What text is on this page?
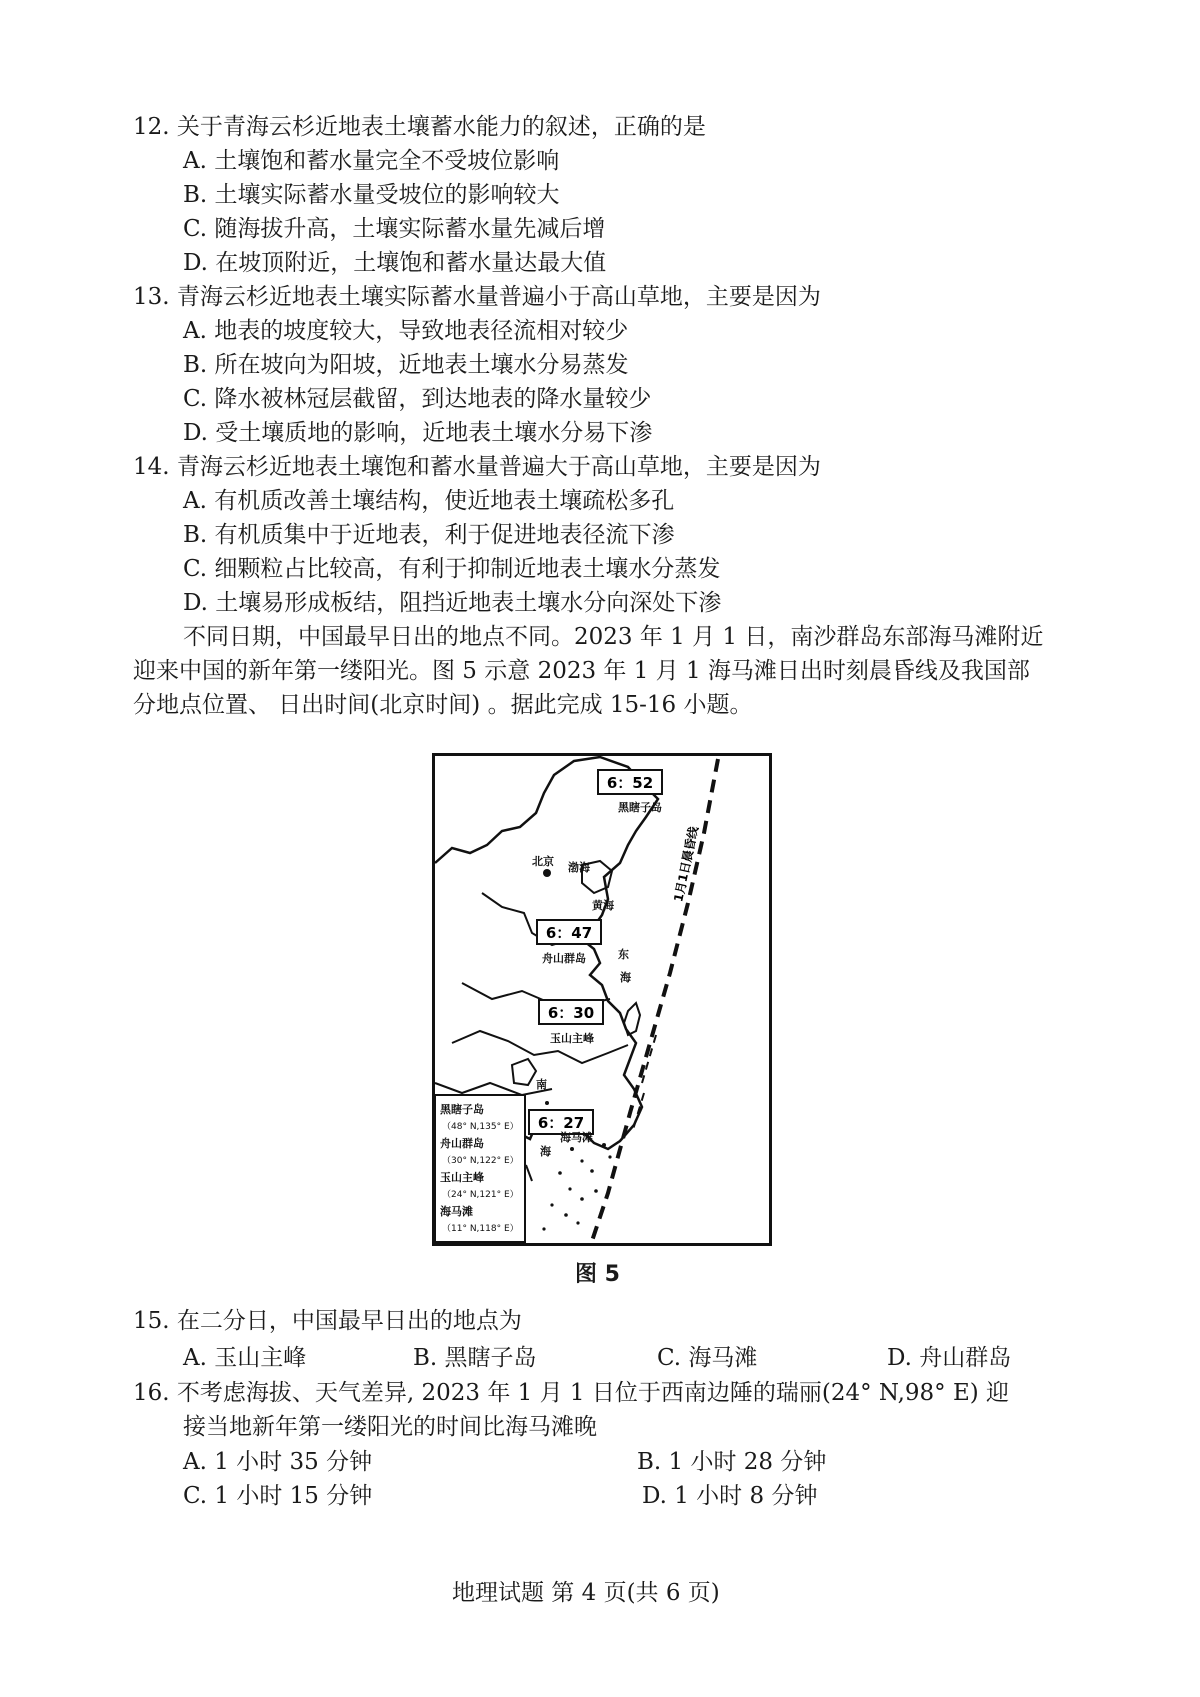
12. 关于青海云杉近地表土壤蓄水能力的叙述，正确的是
A. 土壤饱和蓄水量完全不受坡位影响
B. 土壤实际蓄水量受坡位的影响较大
C. 随海拔升高，土壤实际蓄水量先减后增
D. 在坡顶附近，土壤饱和蓄水量达最大值
13. 青海云杉近地表土壤实际蓄水量普遍小于高山草地，主要是因为
A. 地表的坡度较大，导致地表径流相对较少
B. 所在坡向为阳坡，近地表土壤水分易蒸发
C. 降水被林冠层截留，到达地表的降水量较少
D. 受土壤质地的影响，近地表土壤水分易下渗
14. 青海云杉近地表土壤饱和蓄水量普遍大于高山草地，主要是因为
A. 有机质改善土壤结构，使近地表土壤疏松多孔
B. 有机质集中于近地表，利于促进地表径流下渗
C. 细颗粒占比较高，有利于抑制近地表土壤水分蒸发
D. 土壤易形成板结，阻挡近地表土壤水分向深处下渗
不同日期，中国最早日出的地点不同。2023 年 1 月 1 日，南沙群岛东部海马滩附近
迎来中国的新年第一缕阳光。图 5 示意 2023 年 1 月 1 海马滩日出时刻晨昏线及我国部
分地点位置、 日出时间(北京时间) 。据此完成 15-16 小题。
1月1日晨昏线
6：52
6：47
6：30
6：27
黑瞎子岛
北京 渤海
黄海
舟山群岛	东
海
玉山主峰
南
海
海马滩
黑瞎子岛
（48° N,135° E）
舟山群岛
（30° N,122° E）
玉山主峰
（24° N,121° E）
海马滩
（11° N,118° E）
图 5
15. 在二分日，中国最早日出的地点为
A. 玉山主峰	B. 黑瞎子岛	C. 海马滩	D. 舟山群岛
16. 不考虑海拔、天气差异, 2023 年 1 月 1 日位于西南边陲的瑞丽(24° N,98° E) 迎
接当地新年第一缕阳光的时间比海马滩晚
A. 1 小时 35 分钟	B. 1 小时 28 分钟
C. 1 小时 15 分钟	D. 1 小时 8 分钟
地理试题 第 4 页(共 6 页)
